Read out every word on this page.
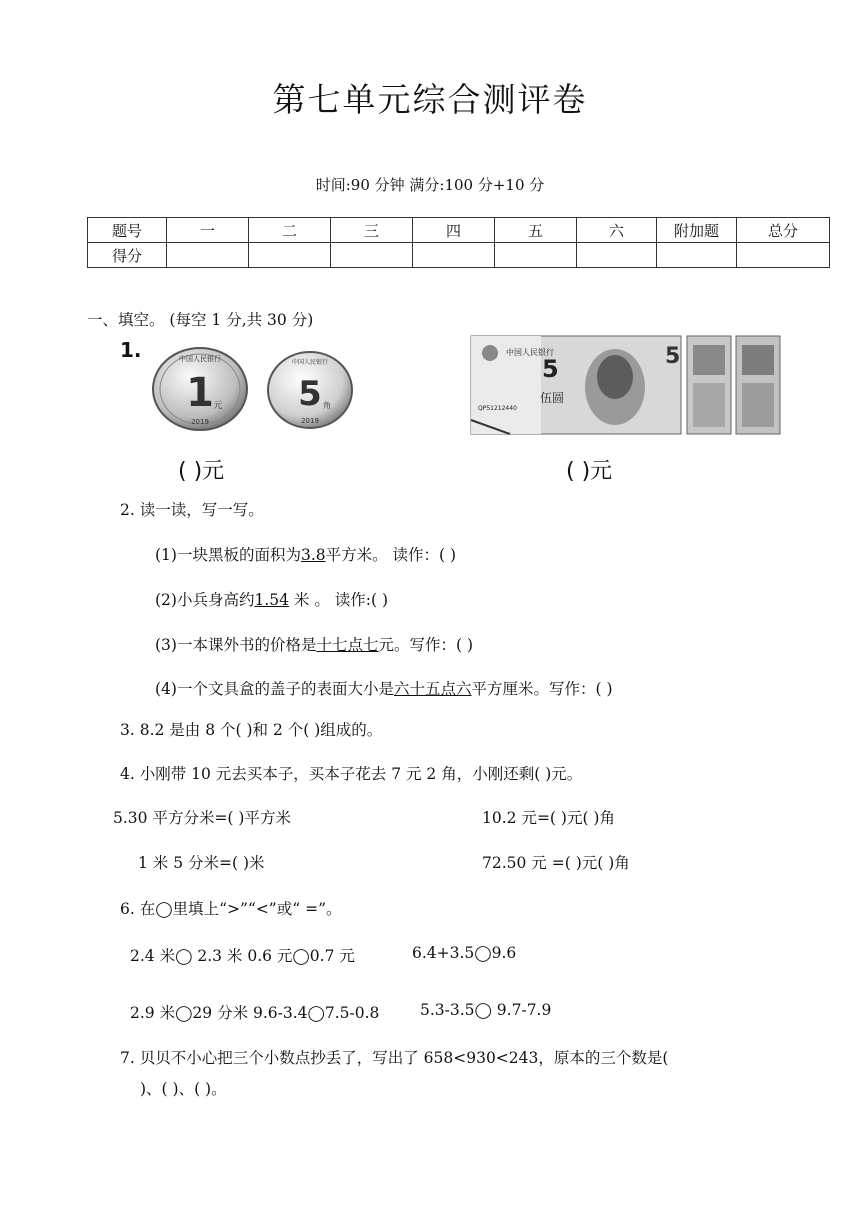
第七单元综合测评卷
时间:90 分钟 满分:100 分+10 分
题号	一	二	三	四	五	六	附加题	总分
得分								
一、填空。 (每空 1 分,共 30 分)
1.	中国人民银行
1 元
2019
中国人民银行
5 角
2019
中国人民银行
5
伍圆
QP51212440
5
( )元	( )元
2. 读一读，写一写。
(1)一块黑板的面积为3.8平方米。 读作：( )
(2)小兵身高约1.54 米 。 读作:( )
(3)一本课外书的价格是十七点七元。写作：( )
(4)一个文具盒的盖子的表面大小是六十五点六平方厘米。写作：( )
3. 8.2 是由 8 个( )和 2 个( )组成的。
4. 小刚带 10 元去买本子，买本子花去 7 元 2 角，小刚还剩( )元。
5.30 平方分米=( )平方米	10.2 元=( )元( )角
1 米 5 分米=( )米	72.50 元 =( )元( )角
6. 在◯里填上“>”“<”或“ =”。
2.4 米◯ 2.3 米 0.6 元◯0.7 元	6.4+3.5◯9.6
2.9 米◯29 分米 9.6-3.4◯7.5-0.8	5.3-3.5◯ 9.7-7.9
7. 贝贝不小心把三个小数点抄丢了，写出了 658<930<243，原本的三个数是(
)、( )、( )。
